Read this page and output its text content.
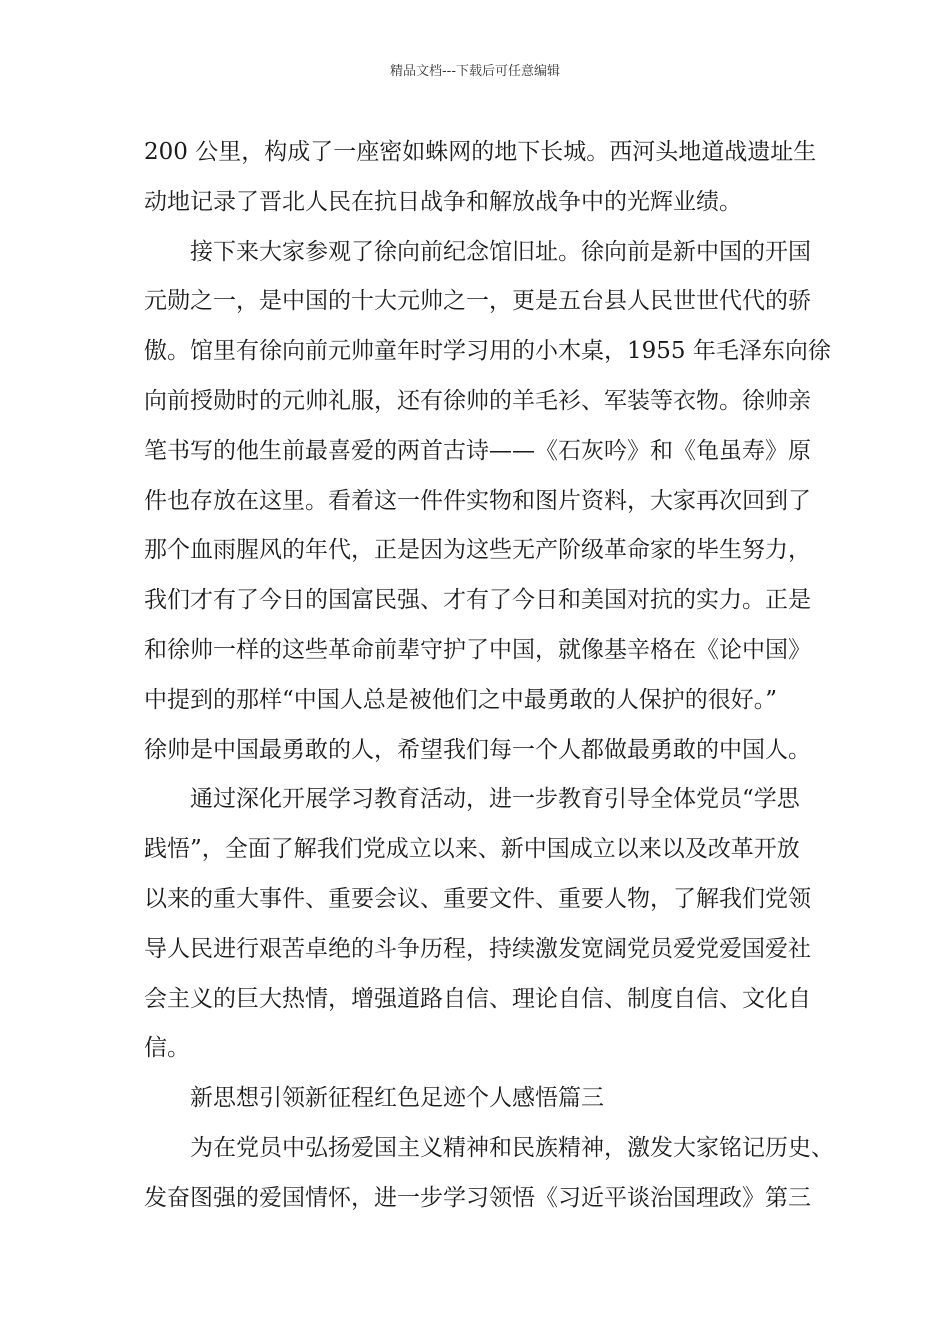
精品文档---下载后可任意编辑
200 公里，构成了一座密如蛛网的地下长城。西河头地道战遗址生
动地记录了晋北人民在抗日战争和解放战争中的光辉业绩。
接下来大家参观了徐向前纪念馆旧址。徐向前是新中国的开国
元勋之一，是中国的十大元帅之一，更是五台县人民世世代代的骄
傲。馆里有徐向前元帅童年时学习用的小木桌，1955 年毛泽东向徐
向前授勋时的元帅礼服，还有徐帅的羊毛衫、军装等衣物。徐帅亲
笔书写的他生前最喜爱的两首古诗——《石灰吟》和《龟虽寿》原
件也存放在这里。看着这一件件实物和图片资料，大家再次回到了
那个血雨腥风的年代，正是因为这些无产阶级革命家的毕生努力，
我们才有了今日的国富民强、才有了今日和美国对抗的实力。正是
和徐帅一样的这些革命前辈守护了中国，就像基辛格在《论中国》
中提到的那样“中国人总是被他们之中最勇敢的人保护的很好。”
徐帅是中国最勇敢的人，希望我们每一个人都做最勇敢的中国人。
通过深化开展学习教育活动，进一步教育引导全体党员“学思
践悟”，全面了解我们党成立以来、新中国成立以来以及改革开放
以来的重大事件、重要会议、重要文件、重要人物，了解我们党领
导人民进行艰苦卓绝的斗争历程，持续激发宽阔党员爱党爱国爱社
会主义的巨大热情，增强道路自信、理论自信、制度自信、文化自
信。
新思想引领新征程红色足迹个人感悟篇三
为在党员中弘扬爱国主义精神和民族精神，激发大家铭记历史、
发奋图强的爱国情怀，进一步学习领悟《习近平谈治国理政》第三
